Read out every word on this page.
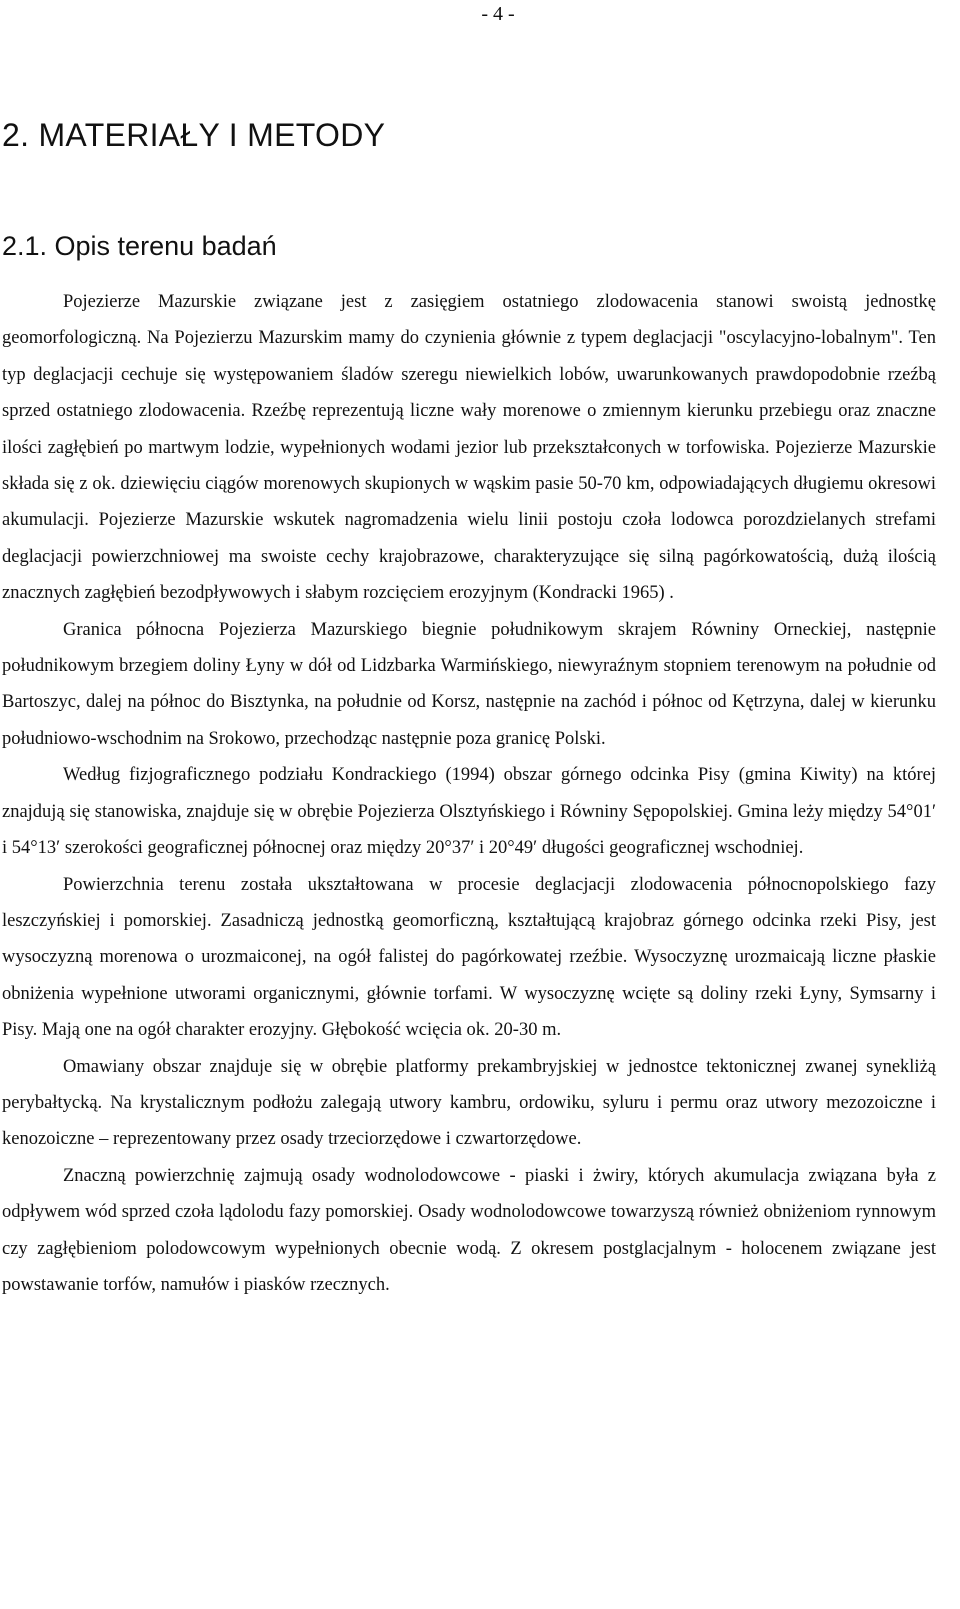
- 4 -
2. MATERIAŁY I METODY
2.1. Opis terenu badań

Pojezierze Mazurskie związane jest z zasięgiem ostatniego zlodowacenia stanowi swoistą jednostkę geomorfologiczną. Na Pojezierzu Mazurskim mamy do czynienia głównie z typem deglacjacji "oscylacyjno-lobalnym". Ten typ deglacjacji cechuje się występowaniem śladów szeregu niewielkich lobów, uwarunkowanych prawdopodobnie rzeźbą sprzed ostatniego zlodowacenia. Rzeźbę reprezentują liczne wały morenowe o zmiennym kierunku przebiegu oraz znaczne ilości zagłębień po martwym lodzie, wypełnionych wodami jezior lub przekształconych w torfowiska. Pojezierze Mazurskie składa się z ok. dziewięciu ciągów morenowych skupionych w wąskim pasie 50-70 km, odpowiadających długiemu okresowi akumulacji. Pojezierze Mazurskie wskutek nagromadzenia wielu linii postoju czoła lodowca porozdzielanych strefami deglacjacji powierzchniowej ma swoiste cechy krajobrazowe, charakteryzujące się silną pagórkowatością, dużą ilością znacznych zagłębień bezodpływowych i słabym rozcięciem erozyjnym (Kondracki 1965) .

Granica północna Pojezierza Mazurskiego biegnie południkowym skrajem Równiny Orneckiej, następnie południkowym brzegiem doliny Łyny w dół od Lidzbarka Warmińskiego, niewyraźnym stopniem terenowym na południe od Bartoszyc, dalej na północ do Bisztynka, na południe od Korsz, następnie na zachód i północ od Kętrzyna, dalej w kierunku południowo-wschodnim na Srokowo, przechodząc następnie poza granicę Polski.

Według fizjograficznego podziału Kondrackiego (1994) obszar górnego odcinka Pisy (gmina Kiwity) na której znajdują się stanowiska, znajduje się w obrębie Pojezierza Olsztyńskiego i Równiny Sępopolskiej. Gmina leży między 54°01′ i 54°13′ szerokości geograficznej północnej oraz między 20°37′ i 20°49′ długości geograficznej wschodniej.

Powierzchnia terenu została ukształtowana w procesie deglacjacji zlodowacenia północnopolskiego fazy leszczyńskiej i pomorskiej. Zasadniczą jednostką geomorficzną, kształtującą krajobraz górnego odcinka rzeki Pisy, jest wysoczyzną morenowa o urozmaiconej, na ogół falistej do pagórkowatej rzeźbie. Wysoczyznę urozmaicają liczne płaskie obniżenia wypełnione utworami organicznymi, głównie torfami. W wysoczyznę wcięte są doliny rzeki Łyny, Symsarny i Pisy. Mają one na ogół charakter erozyjny. Głębokość wcięcia ok. 20-30 m.

Omawiany obszar znajduje się w obrębie platformy prekambryjskiej w jednostce tektonicznej zwanej synekliżą perybałtycką. Na krystalicznym podłożu zalegają utwory kambru, ordowiku, syluru i permu oraz utwory mezozoiczne i kenozoiczne – reprezentowany przez osady trzeciorzędowe i czwartorzędowe.

Znaczną powierzchnię zajmują osady wodnolodowcowe - piaski i żwiry, których akumulacja związana była z odpływem wód sprzed czoła lądolodu fazy pomorskiej. Osady wodnolodowcowe towarzyszą również obniżeniom rynnowym czy zagłębieniom polodowcowym wypełnionych obecnie wodą. Z okresem postglacjalnym - holocenem związane jest powstawanie torfów, namułów i piasków rzecznych.
